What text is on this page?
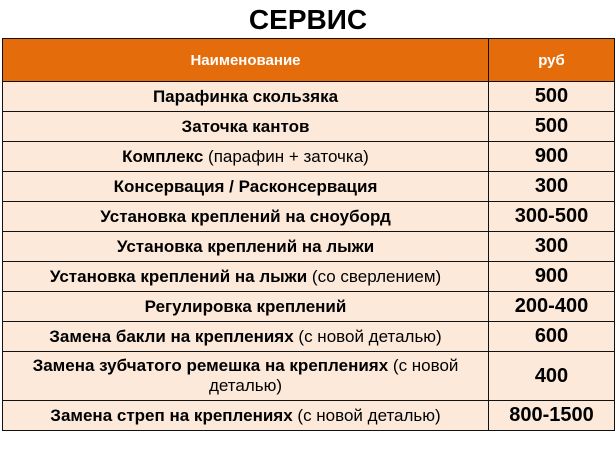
СЕРВИС
Наименование	руб
Парафинка скользяка	500
Заточка кантов	500
Комплекс (парафин + заточка)	900
Консервация / Расконсервация	300
Установка креплений на сноуборд	300-500
Установка креплений на лыжи	300
Установка креплений на лыжи (со сверлением)	900
Регулировка креплений	200-400
Замена бакли на креплениях (с новой деталью)	600
Замена зубчатого ремешка на креплениях (с новой деталью)	400
Замена стреп на креплениях (с новой деталью)	800-1500
